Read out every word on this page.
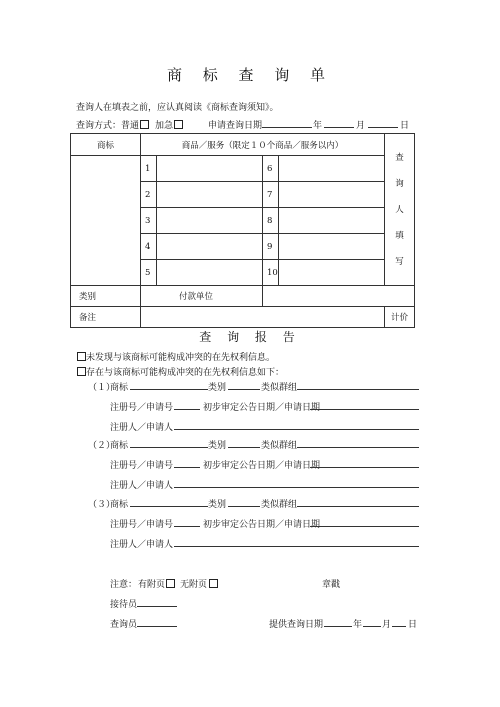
商 标 查 询 单
查询人在填表之前，应认真阅读《商标查询须知》。
查询方式： 普通 加急	申请查询日期	年	月	日
商标	商品／服务（限定１０个商品／服务以内）				查
询
人
填
写

	1		6		
	2		7		
	3		8		
	4		9		
	5		10		
类别	付款单位				
备注					计价
查 询 报 告
未发现与该商标可能构成冲突的在先权利信息。
存在与该商标可能构成冲突的在先权利信息如下：
（１）
商标	类别	类似群组
注册号／申请号	初步审定公告日期／申请日期
注册人／申请人
（２）
商标	类别	类似群组
注册号／申请号	初步审定公告日期／申请日期
注册人／申请人
（３）
商标	类别	类似群组
注册号／申请号	初步审定公告日期／申请日期
注册人／申请人
注意： 有附页 无附页	章戳
接待员
查询员	提供查询日期	年 月 日
